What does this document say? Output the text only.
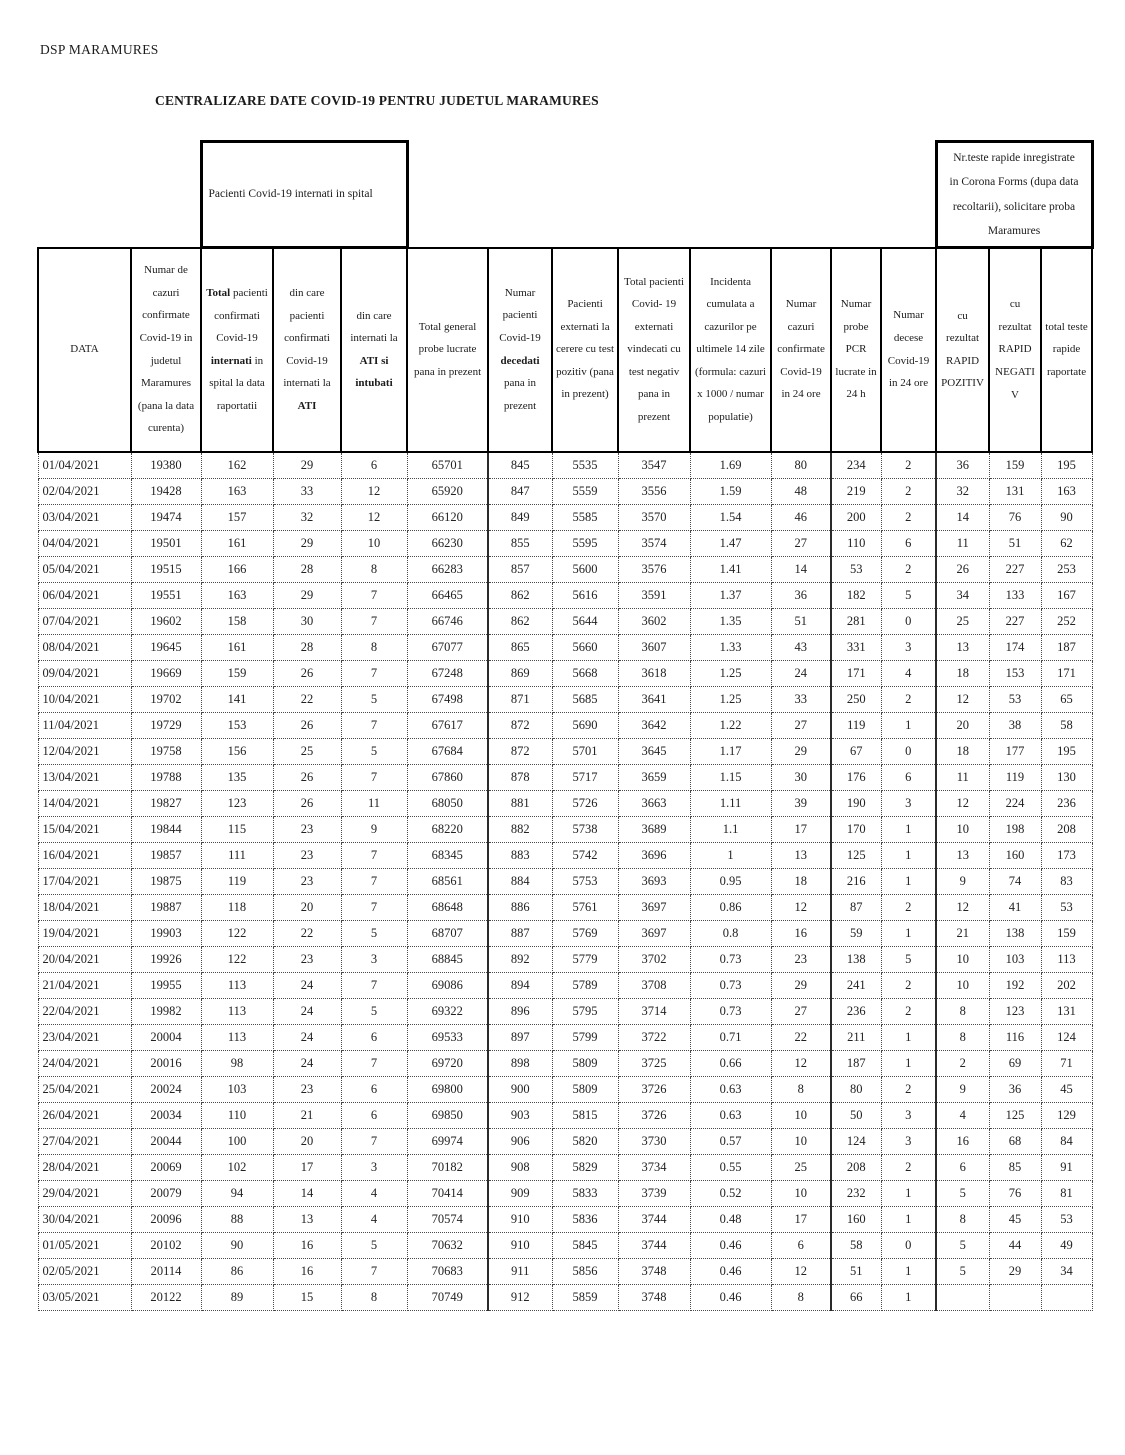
DSP MARAMURES
CENTRALIZARE DATE COVID-19 PENTRU JUDETUL MARAMURES
		Pacienti Covid-19 internati in spital											Nr.teste rapide inregistrate in Corona Forms (dupa data recoltarii), solicitare proba Maramures		
DATA	Numar de cazuri confirmate Covid-19 in judetul Maramures (pana la data curenta)	Total pacienti confirmati Covid-19 internati in spital la data raportatii	din care pacienti confirmati Covid-19 internati la ATI	din care internati la ATI si intubati	Total general probe lucrate pana in prezent	Numar pacienti Covid-19 decedati pana in prezent	Pacienti externati la cerere cu test pozitiv (pana in prezent)	Total pacienti Covid- 19 externati vindecati cu test negativ pana in prezent	Incidenta cumulata a cazurilor pe ultimele 14 zile (formula: cazuri x 1000 / numar populatie)	Numar cazuri confirmate Covid-19 in 24 ore	Numar probe PCR lucrate in 24 h	Numar decese Covid-19 in 24 ore	cu rezultat RAPID POZITIV	cu rezultat RAPID NEGATIV	total teste rapide raportate
01/04/2021	19380	162	29	6	65701	845	5535	3547	1.69	80	234	2	36	159	195
02/04/2021	19428	163	33	12	65920	847	5559	3556	1.59	48	219	2	32	131	163
03/04/2021	19474	157	32	12	66120	849	5585	3570	1.54	46	200	2	14	76	90
04/04/2021	19501	161	29	10	66230	855	5595	3574	1.47	27	110	6	11	51	62
05/04/2021	19515	166	28	8	66283	857	5600	3576	1.41	14	53	2	26	227	253
06/04/2021	19551	163	29	7	66465	862	5616	3591	1.37	36	182	5	34	133	167
07/04/2021	19602	158	30	7	66746	862	5644	3602	1.35	51	281	0	25	227	252
08/04/2021	19645	161	28	8	67077	865	5660	3607	1.33	43	331	3	13	174	187
09/04/2021	19669	159	26	7	67248	869	5668	3618	1.25	24	171	4	18	153	171
10/04/2021	19702	141	22	5	67498	871	5685	3641	1.25	33	250	2	12	53	65
11/04/2021	19729	153	26	7	67617	872	5690	3642	1.22	27	119	1	20	38	58
12/04/2021	19758	156	25	5	67684	872	5701	3645	1.17	29	67	0	18	177	195
13/04/2021	19788	135	26	7	67860	878	5717	3659	1.15	30	176	6	11	119	130
14/04/2021	19827	123	26	11	68050	881	5726	3663	1.11	39	190	3	12	224	236
15/04/2021	19844	115	23	9	68220	882	5738	3689	1.1	17	170	1	10	198	208
16/04/2021	19857	111	23	7	68345	883	5742	3696	1	13	125	1	13	160	173
17/04/2021	19875	119	23	7	68561	884	5753	3693	0.95	18	216	1	9	74	83
18/04/2021	19887	118	20	7	68648	886	5761	3697	0.86	12	87	2	12	41	53
19/04/2021	19903	122	22	5	68707	887	5769	3697	0.8	16	59	1	21	138	159
20/04/2021	19926	122	23	3	68845	892	5779	3702	0.73	23	138	5	10	103	113
21/04/2021	19955	113	24	7	69086	894	5789	3708	0.73	29	241	2	10	192	202
22/04/2021	19982	113	24	5	69322	896	5795	3714	0.73	27	236	2	8	123	131
23/04/2021	20004	113	24	6	69533	897	5799	3722	0.71	22	211	1	8	116	124
24/04/2021	20016	98	24	7	69720	898	5809	3725	0.66	12	187	1	2	69	71
25/04/2021	20024	103	23	6	69800	900	5809	3726	0.63	8	80	2	9	36	45
26/04/2021	20034	110	21	6	69850	903	5815	3726	0.63	10	50	3	4	125	129
27/04/2021	20044	100	20	7	69974	906	5820	3730	0.57	10	124	3	16	68	84
28/04/2021	20069	102	17	3	70182	908	5829	3734	0.55	25	208	2	6	85	91
29/04/2021	20079	94	14	4	70414	909	5833	3739	0.52	10	232	1	5	76	81
30/04/2021	20096	88	13	4	70574	910	5836	3744	0.48	17	160	1	8	45	53
01/05/2021	20102	90	16	5	70632	910	5845	3744	0.46	6	58	0	5	44	49
02/05/2021	20114	86	16	7	70683	911	5856	3748	0.46	12	51	1	5	29	34
03/05/2021	20122	89	15	8	70749	912	5859	3748	0.46	8	66	1			
